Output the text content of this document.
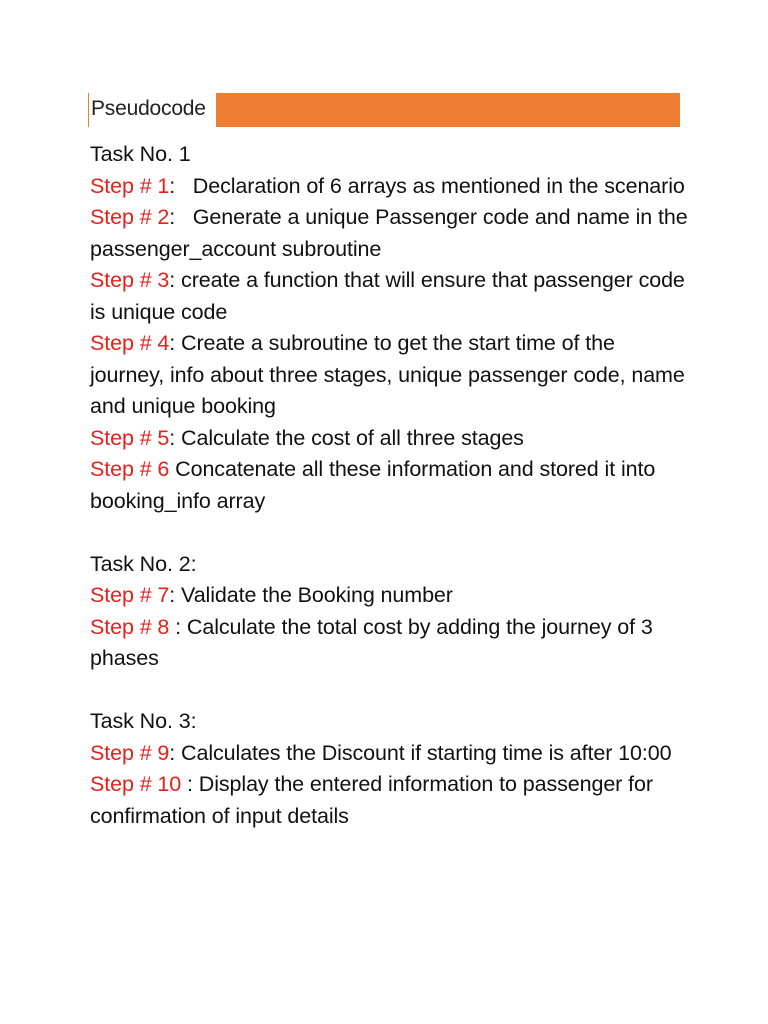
Pseudocode

Task No. 1

Step # 1:   Declaration of 6 arrays as mentioned in the scenario

Step # 2:   Generate a unique Passenger code and name in the passenger_account subroutine

Step # 3: create a function that will ensure that passenger code is unique code

Step # 4: Create a subroutine to get the start time of the journey, info about three stages, unique passenger code, name and unique booking

Step # 5: Calculate the cost of all three stages

Step # 6 Concatenate all these information and stored it into booking_info array

Task No. 2:

Step # 7: Validate the Booking number

Step # 8 : Calculate the total cost by adding the journey of 3 phases

Task No. 3:

Step # 9: Calculates the Discount if starting time is after 10:00

Step # 10 : Display the entered information to passenger for confirmation of input details
